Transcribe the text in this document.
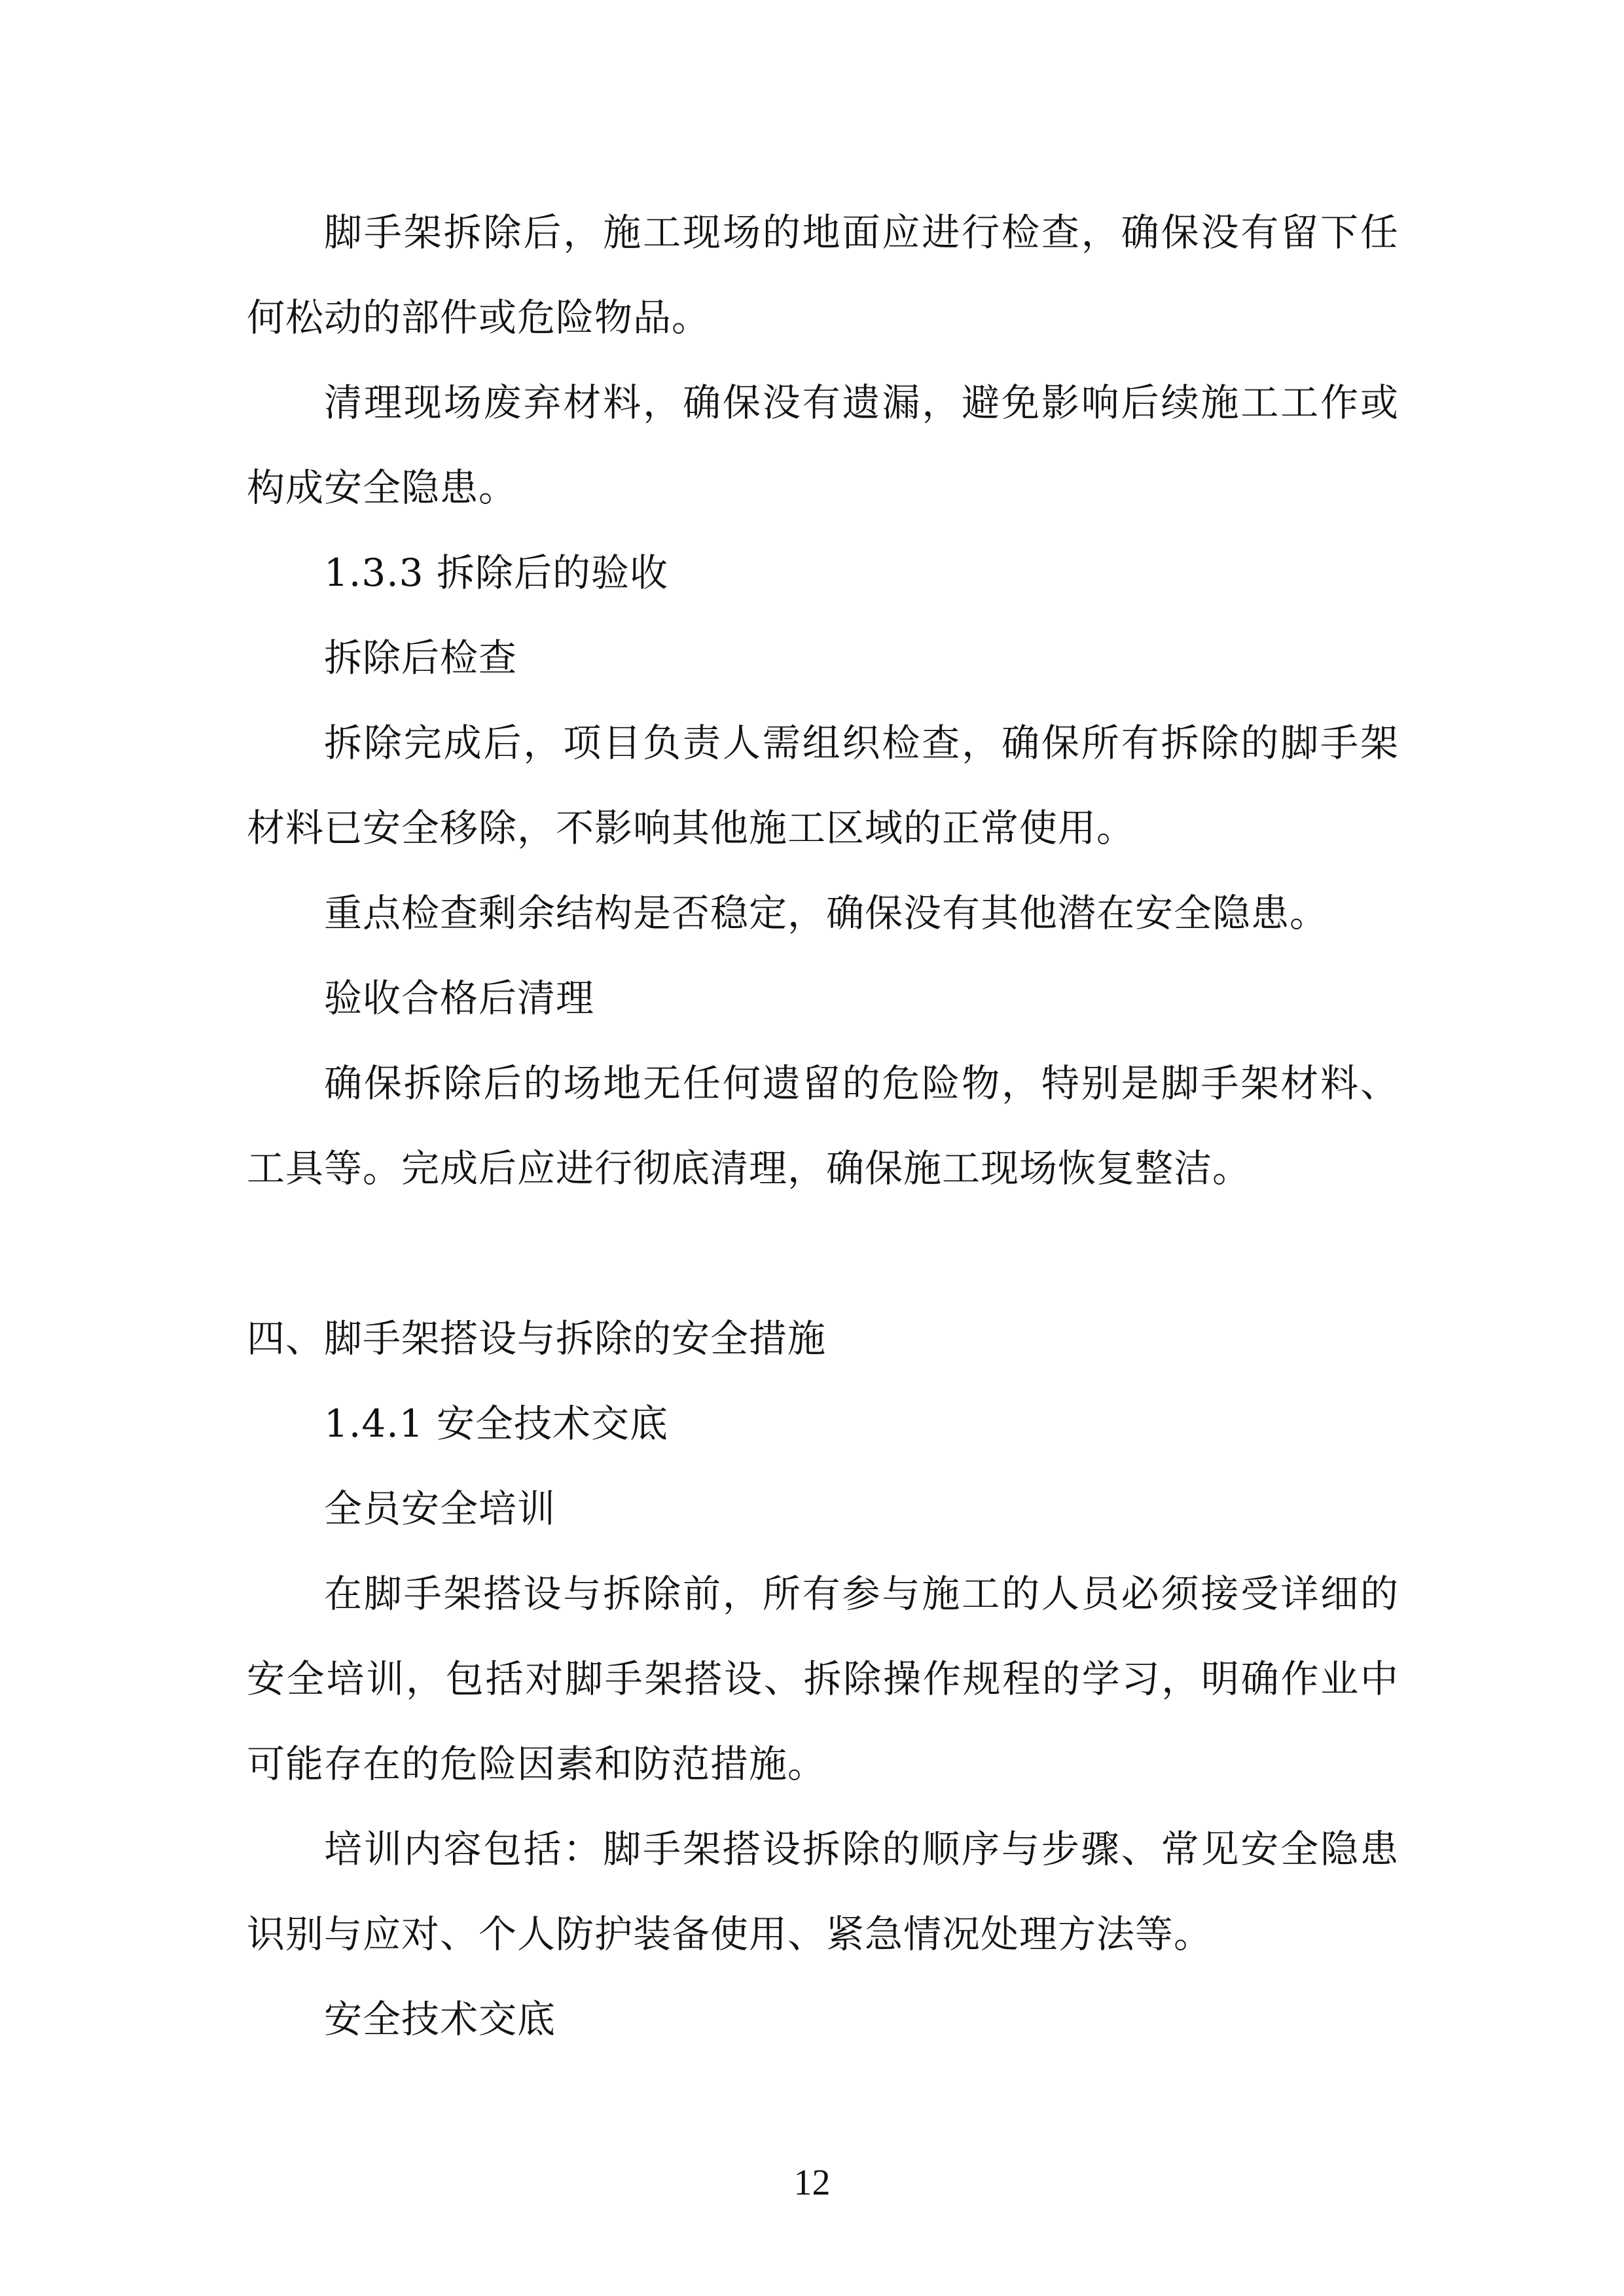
脚手架拆除后，施工现场的地面应进行检查，确保没有留下任何松动的部件或危险物品。

清理现场废弃材料，确保没有遗漏，避免影响后续施工工作或构成安全隐患。

1.3.3 拆除后的验收

拆除后检查

拆除完成后，项目负责人需组织检查，确保所有拆除的脚手架材料已安全移除，不影响其他施工区域的正常使用。

重点检查剩余结构是否稳定，确保没有其他潜在安全隐患。

验收合格后清理

确保拆除后的场地无任何遗留的危险物，特别是脚手架材料、工具等。完成后应进行彻底清理，确保施工现场恢复整洁。

四、脚手架搭设与拆除的安全措施

1.4.1 安全技术交底

全员安全培训

在脚手架搭设与拆除前，所有参与施工的人员必须接受详细的安全培训，包括对脚手架搭设、拆除操作规程的学习，明确作业中可能存在的危险因素和防范措施。

培训内容包括：脚手架搭设拆除的顺序与步骤、常见安全隐患识别与应对、个人防护装备使用、紧急情况处理方法等。

安全技术交底

12
